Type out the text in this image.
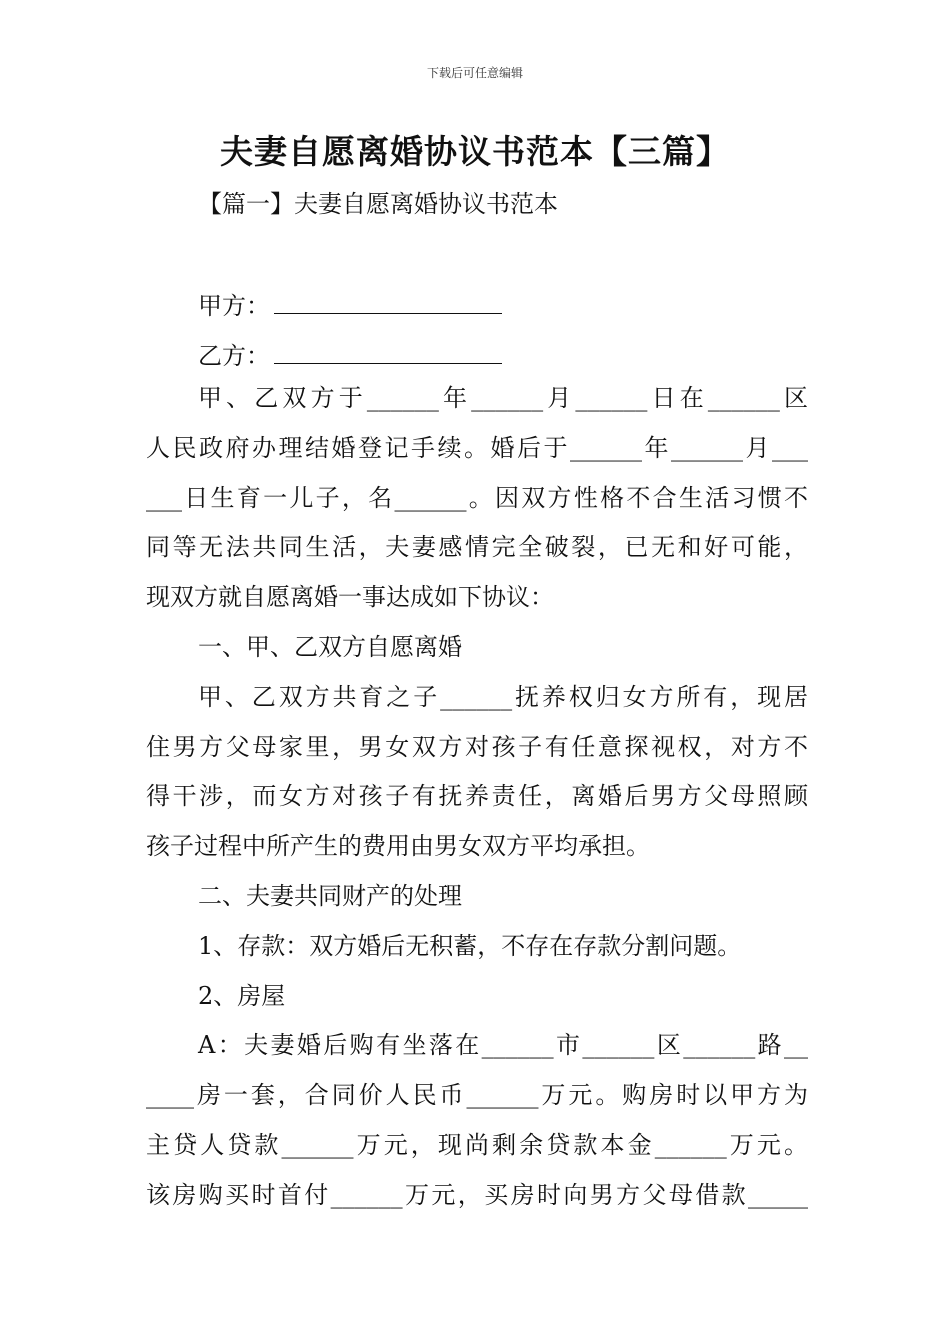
下载后可任意编辑
夫妻自愿离婚协议书范本【三篇】
【篇一】夫妻自愿离婚协议书范本
甲方：
乙方：
甲、乙双方于______年______月______日在______区
人民政府办理结婚登记手续。婚后于______年______月___
___日生育一儿子，名______。因双方性格不合生活习惯不
同等无法共同生活，夫妻感情完全破裂，已无和好可能，
现双方就自愿离婚一事达成如下协议：
一、甲、乙双方自愿离婚
甲、乙双方共育之子______抚养权归女方所有，现居
住男方父母家里，男女双方对孩子有任意探视权，对方不
得干涉，而女方对孩子有抚养责任，离婚后男方父母照顾
孩子过程中所产生的费用由男女双方平均承担。
二、夫妻共同财产的处理
1、存款：双方婚后无积蓄，不存在存款分割问题。
2、房屋
A：夫妻婚后购有坐落在______市______区______路__
____房一套，合同价人民币______万元。购房时以甲方为
主贷人贷款______万元，现尚剩余贷款本金______万元。
该房购买时首付______万元，买房时向男方父母借款_____
